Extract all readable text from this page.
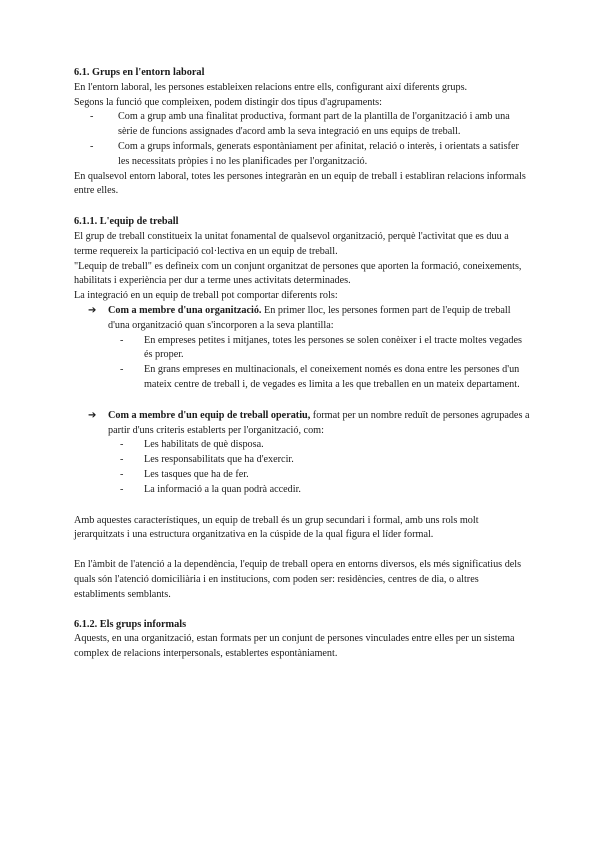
6.1. Grups en l'entorn laboral

En l'entorn laboral, les persones estableixen relacions entre ells, configurant així diferents grups.

Segons la funció que compleixen, podem distingir dos tipus d'agrupaments:

- Com a grup amb una finalitat productiva, formant part de la plantilla de l'organització i amb una sèrie de funcions assignades d'acord amb la seva integració en uns equips de treball.
- Com a grups informals, generats espontàniament per afinitat, relació o interès, i orientats a satisfer les necessitats pròpies i no les planificades per l'organització.

En qualsevol entorn laboral, totes les persones integraràn en un equip de treball i establiran relacions informals entre elles.

6.1.1. L'equip de treball

El grup de treball constitueix la unitat fonamental de qualsevol organització, perquè l'activitat que es duu a terme requereix la participació col·lectiva en un equip de treball.

"Lequip de treball" es defineix com un conjunt organitzat de persones que aporten la formació, coneixements, habilitats i experiència per dur a terme unes activitats determinades.

La integració en un equip de treball pot comportar diferents rols:

➔ Com a membre d'una organització. En primer lloc, les persones formen part de l'equip de treball d'una organització quan s'incorporen a la seva plantilla:
- En empreses petites i mitjanes, totes les persones se solen conèixer i el tracte moltes vegades és proper.
- En grans empreses en multinacionals, el coneixement només es dona entre les persones d'un mateix centre de treball i, de vegades es limita a les que treballen en un mateix departament.
➔ Com a membre d'un equip de treball operatiu, format per un nombre reduït de persones agrupades a partir d'uns criteris establerts per l'organització, com:
- Les habilitats de què disposa.
- Les responsabilitats que ha d'exercir.
- Les tasques que ha de fer.
- La informació a la quan podrà accedir.

Amb aquestes característiques, un equip de treball és un grup secundari i formal, amb uns rols molt jerarquitzats i una estructura organitzativa en la cúspide de la qual figura el líder formal.

En l'àmbit de l'atenció a la dependència, l'equip de treball opera en entorns diversos, els més significatius dels quals són l'atenció domiciliària i en institucions, com poden ser: residències, centres de dia, o altres establiments semblants.

6.1.2. Els grups informals

Aquests, en una organització, estan formats per un conjunt de persones vinculades entre elles per un sistema complex de relacions interpersonals, establertes espontàniament.
